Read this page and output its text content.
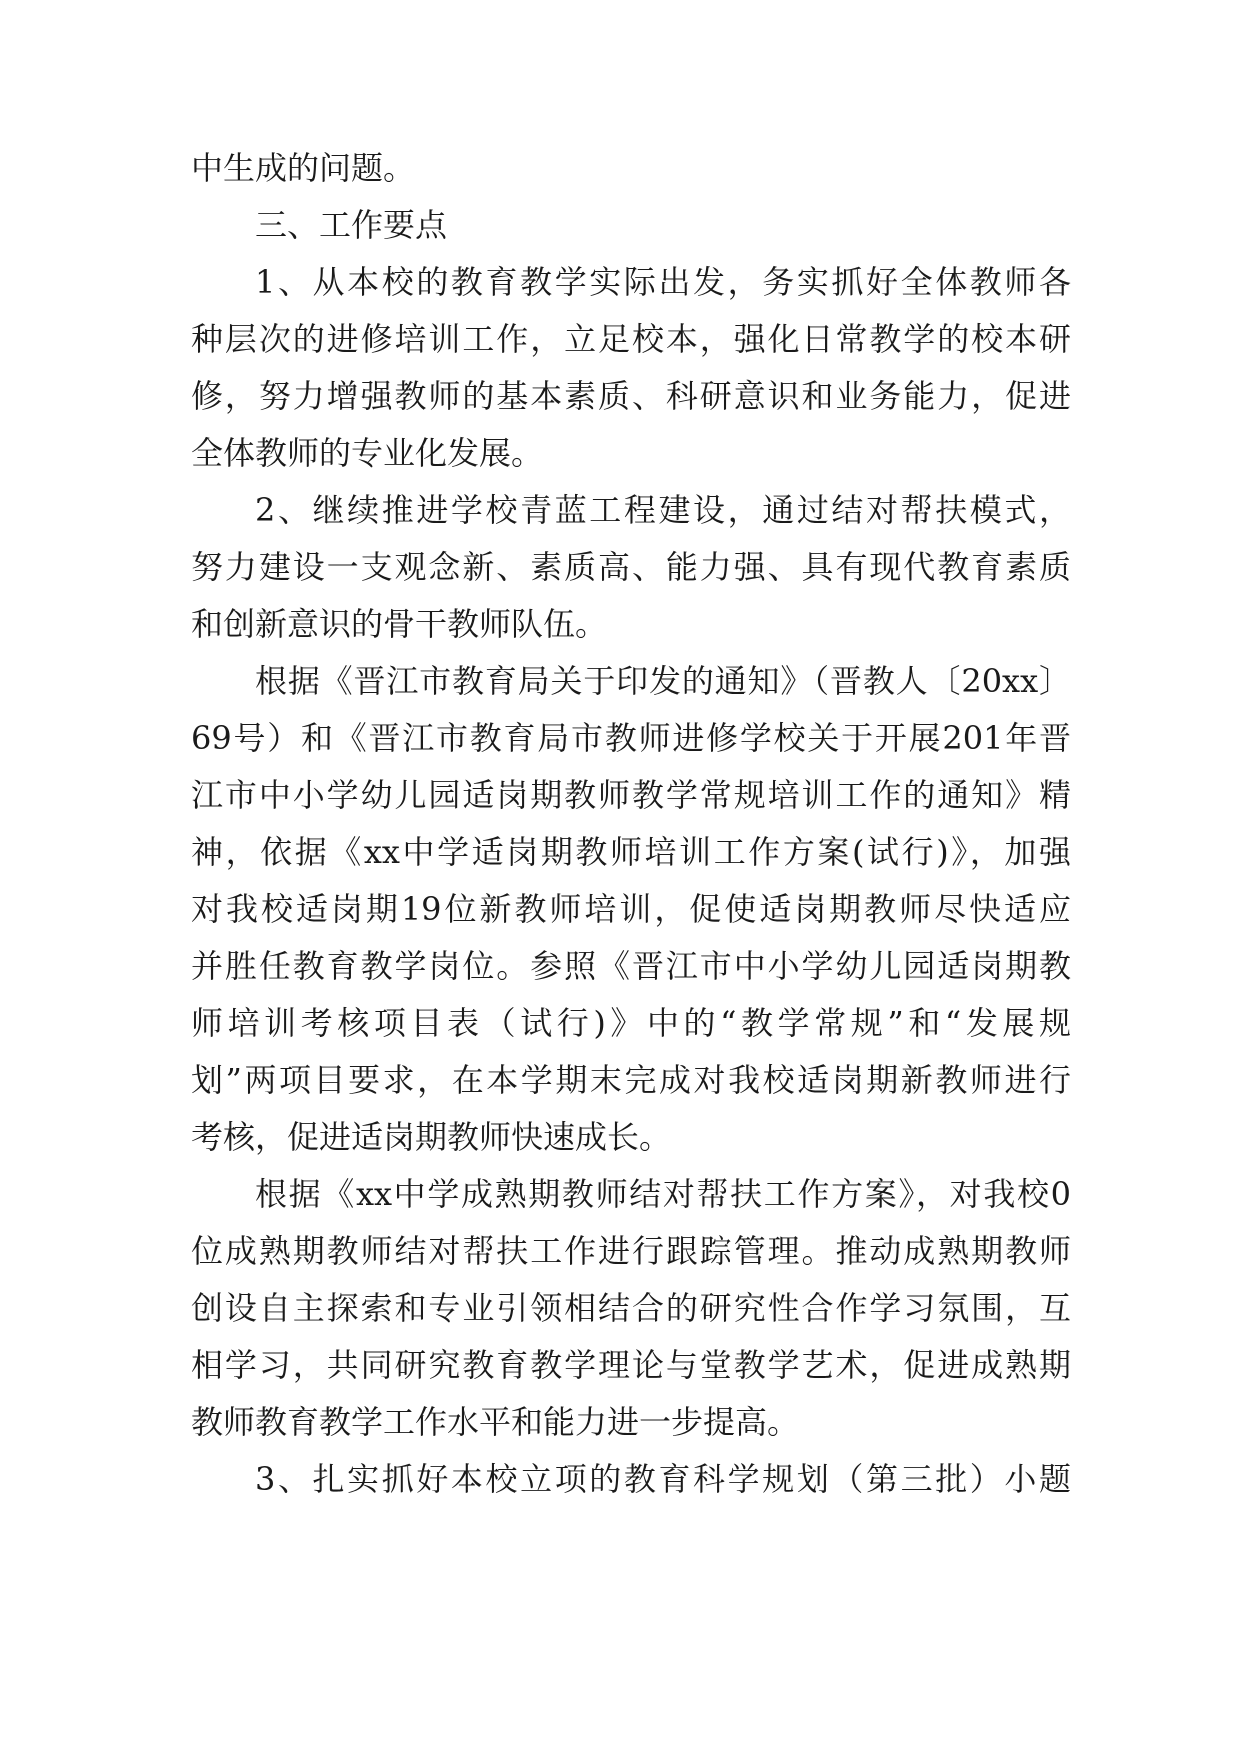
中生成的问题。
三、工作要点
1、从本校的教育教学实际出发，务实抓好全体教师各
种层次的进修培训工作，立足校本，强化日常教学的校本研
修，努力增强教师的基本素质、科研意识和业务能力，促进
全体教师的专业化发展。
2、继续推进学校青蓝工程建设，通过结对帮扶模式，
努力建设一支观念新、素质高、能力强、具有现代教育素质
和创新意识的骨干教师队伍。
根据《晋江市教育局关于印发的通知》（晋教人〔20xx〕
69号）和《晋江市教育局市教师进修学校关于开展201年晋
江市中小学幼儿园适岗期教师教学常规培训工作的通知》精
神，依据《xx中学适岗期教师培训工作方案(试行)》，加强
对我校适岗期19位新教师培训，促使适岗期教师尽快适应
并胜任教育教学岗位。参照《晋江市中小学幼儿园适岗期教
师培训考核项目表（试行)》中的“教学常规”和“发展规
划”两项目要求，在本学期末完成对我校适岗期新教师进行
考核，促进适岗期教师快速成长。
根据《xx中学成熟期教师结对帮扶工作方案》，对我校0
位成熟期教师结对帮扶工作进行跟踪管理。推动成熟期教师
创设自主探索和专业引领相结合的研究性合作学习氛围，互
相学习，共同研究教育教学理论与堂教学艺术，促进成熟期
教师教育教学工作水平和能力进一步提高。
3、扎实抓好本校立项的教育科学规划（第三批）小题
